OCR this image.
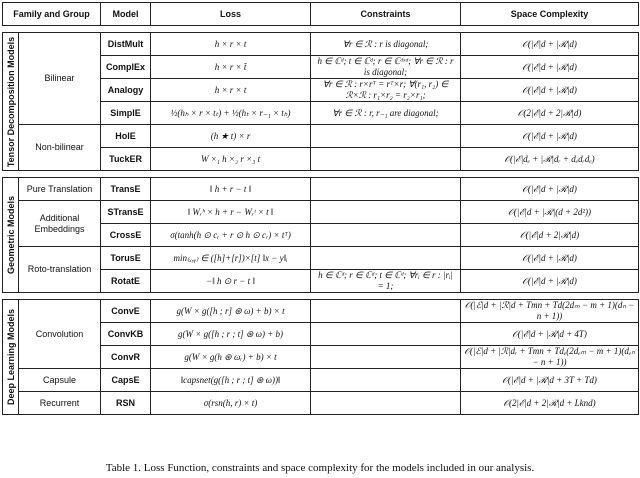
Family and Group		Model	Loss	Constraints	Space Complexity

Tensor Decomposition Models	Bilinear	DistMult	h × r × t	∀r ∈ ℛ : r is diagonal;	𝒪(|ℰ|d + |ℛ|d)
		ComplEx	h × r × t̄	h ∈ ℂᵈ; t ∈ ℂᵈ; r ∈ ℂᵈˣᵈ; ∀r ∈ ℛ : r is diagonal;	𝒪(|ℰ|d + |ℛ|d)
		Analogy	h × r × t	∀r ∈ ℛ : r×rᵀ = rᵀ×r; ∀(r₁, r₂) ∈ ℛ×ℛ : r₁×r₂ = r₂×r₁;	𝒪(|ℰ|d + |ℛ|d)
		SimplE	½(hₕ × r × tₜ) + ½(hₜ × r₋₁ × tₕ)	∀r ∈ ℛ : r, r₋₁ are diagonal;	𝒪(2|ℰ|d + 2|ℛ|d)
	Non-bilinear	HolE	(h ★ t) × r		𝒪(|ℰ|d + |ℛ|d)
		TuckER	W ×₁ h ×₂ r ×₃ t		𝒪(|ℰ|dₑ + |ℛ|dᵣ + dₑdᵣdₑ)

Geometric Models	Pure Translation	TransE	‖ h + r − t ‖		𝒪(|ℰ|d + |ℛ|d)
	Additional Embeddings	STransE	‖ Wᵣʰ × h + r − Wᵣᵗ × t ‖		𝒪(|ℰ|d + |ℛ|(d + 2d²))
		CrossE	σ(tanh(h ⊙ cᵣ + r ⊙ h ⊙ cᵣ) × tᵀ)		𝒪(|ℰ|d + 2|ℛ|d)
	Roto-translation	TorusE	min₍ₓ,ᵧ₎ ∈ ([h]+[r])×[t] ‖x − y‖ᵢ		𝒪(|ℰ|d + |ℛ|d)
		RotatE	−‖ h ⊙ r − t ‖	h ∈ ℂᵈ; r ∈ ℂᵈ; t ∈ ℂᵈ; ∀rᵢ ∈ r : |rᵢ| = 1;	𝒪(|ℰ|d + |ℛ|d)

Deep Learning Models	Convolution	ConvE	g(W × g([h ; r] ⊛ ω) + b) × t		𝒪(|ℰ|d + |ℛ|d + Tmn + Td(2dₘ − m + 1)(dₙ − n + 1))
		ConvKB	g(W × g([h ; r ; t] ⊛ ω) + b)		𝒪(|ℰ|d + |ℛ|d + 4T)
		ConvR	g(W × g(h ⊛ ωᵣ) + b) × t		𝒪(|ℰ|d + |ℛ|dᵣ + Tmn + Tdₑ(2dₑₘ − m + 1)(dₑₙ − n + 1))
	Capsule	CapsE	‖capsnet(g([h ; r ; t] ⊛ ω))‖		𝒪(|ℰ|d + |ℛ|d + 3T + Td)
	Recurrent	RSN	σ(rsn(h, r) × t)		𝒪(2|ℰ|d + 2|ℛ|d + Lknd)
Table 1. Loss Function, constraints and space complexity for the models included in our analysis.
